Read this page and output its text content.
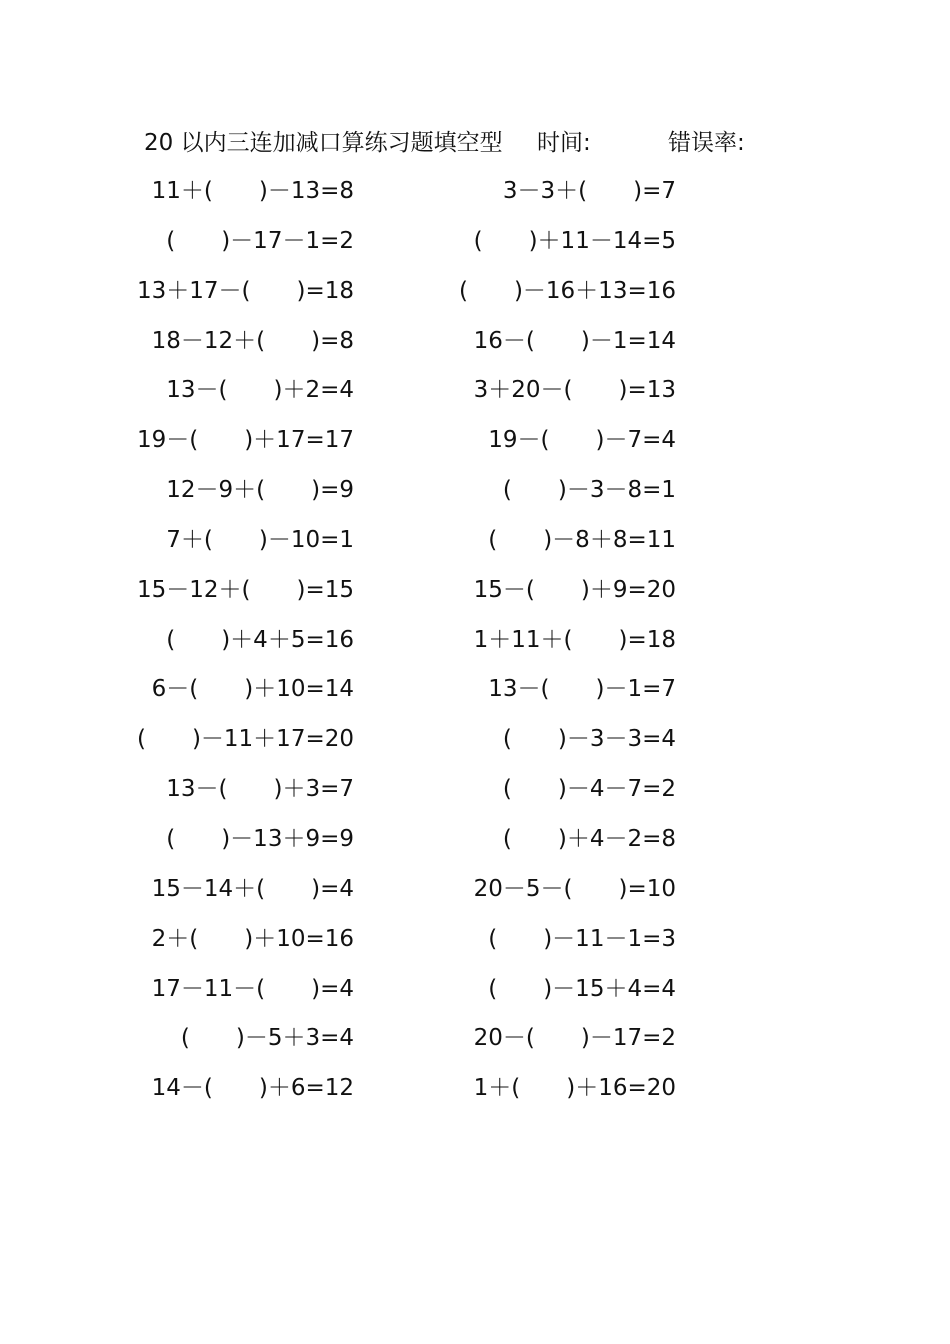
20 以内三连加减口算练习题填空型 时间:	错误率:
11＋(　　)－13=8	3－3＋(　　)=7
(　　)－17－1=2	(　　)＋11－14=5
13＋17－(　　)=18	(　　)－16＋13=16
18－12＋(　　)=8	16－(　　)－1=14
13－(　　)＋2=4	3＋20－(　　)=13
19－(　　)＋17=17	19－(　　)－7=4
12－9＋(　　)=9	(　　)－3－8=1
7＋(　　)－10=1	(　　)－8＋8=11
15－12＋(　　)=15	15－(　　)＋9=20
(　　)＋4＋5=16	1＋11＋(　　)=18
6－(　　)＋10=14	13－(　　)－1=7
(　　)－11＋17=20	(　　)－3－3=4
13－(　　)＋3=7	(　　)－4－7=2
(　　)－13＋9=9	(　　)＋4－2=8
15－14＋(　　)=4	20－5－(　　)=10
2＋(　　)＋10=16	(　　)－11－1=3
17－11－(　　)=4	(　　)－15＋4=4
(　　)－5＋3=4	20－(　　)－17=2
14－(　　)＋6=12	1＋(　　)＋16=20
